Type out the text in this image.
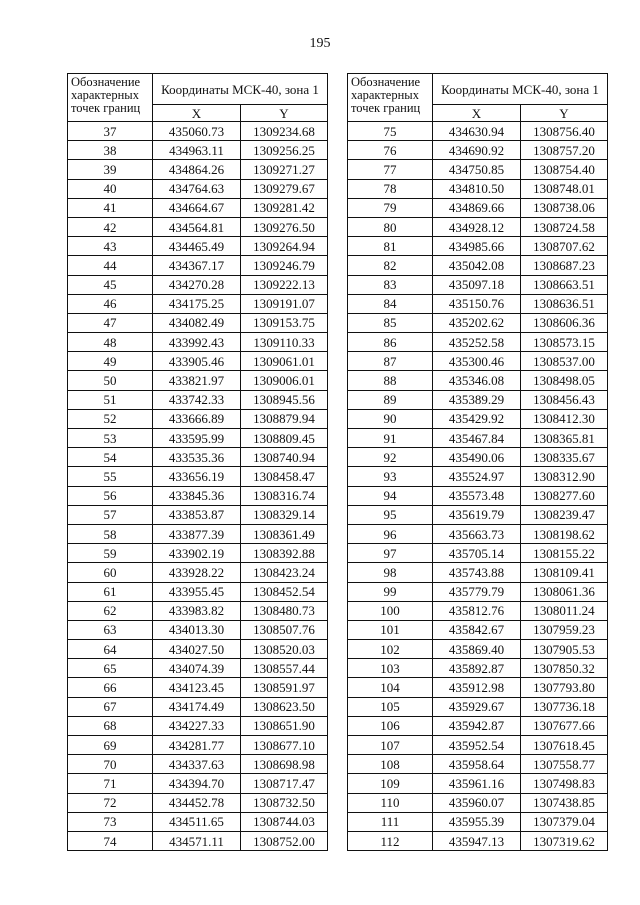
195
Обозначение характерных точек границ	Координаты МСК-40, зона 1	
	X	Y
37	435060.73	1309234.68
38	434963.11	1309256.25
39	434864.26	1309271.27
40	434764.63	1309279.67
41	434664.67	1309281.42
42	434564.81	1309276.50
43	434465.49	1309264.94
44	434367.17	1309246.79
45	434270.28	1309222.13
46	434175.25	1309191.07
47	434082.49	1309153.75
48	433992.43	1309110.33
49	433905.46	1309061.01
50	433821.97	1309006.01
51	433742.33	1308945.56
52	433666.89	1308879.94
53	433595.99	1308809.45
54	433535.36	1308740.94
55	433656.19	1308458.47
56	433845.36	1308316.74
57	433853.87	1308329.14
58	433877.39	1308361.49
59	433902.19	1308392.88
60	433928.22	1308423.24
61	433955.45	1308452.54
62	433983.82	1308480.73
63	434013.30	1308507.76
64	434027.50	1308520.03
65	434074.39	1308557.44
66	434123.45	1308591.97
67	434174.49	1308623.50
68	434227.33	1308651.90
69	434281.77	1308677.10
70	434337.63	1308698.98
71	434394.70	1308717.47
72	434452.78	1308732.50
73	434511.65	1308744.03
74	434571.11	1308752.00
Обозначение характерных точек границ	Координаты МСК-40, зона 1	
	X	Y
75	434630.94	1308756.40
76	434690.92	1308757.20
77	434750.85	1308754.40
78	434810.50	1308748.01
79	434869.66	1308738.06
80	434928.12	1308724.58
81	434985.66	1308707.62
82	435042.08	1308687.23
83	435097.18	1308663.51
84	435150.76	1308636.51
85	435202.62	1308606.36
86	435252.58	1308573.15
87	435300.46	1308537.00
88	435346.08	1308498.05
89	435389.29	1308456.43
90	435429.92	1308412.30
91	435467.84	1308365.81
92	435490.06	1308335.67
93	435524.97	1308312.90
94	435573.48	1308277.60
95	435619.79	1308239.47
96	435663.73	1308198.62
97	435705.14	1308155.22
98	435743.88	1308109.41
99	435779.79	1308061.36
100	435812.76	1308011.24
101	435842.67	1307959.23
102	435869.40	1307905.53
103	435892.87	1307850.32
104	435912.98	1307793.80
105	435929.67	1307736.18
106	435942.87	1307677.66
107	435952.54	1307618.45
108	435958.64	1307558.77
109	435961.16	1307498.83
110	435960.07	1307438.85
111	435955.39	1307379.04
112	435947.13	1307319.62
